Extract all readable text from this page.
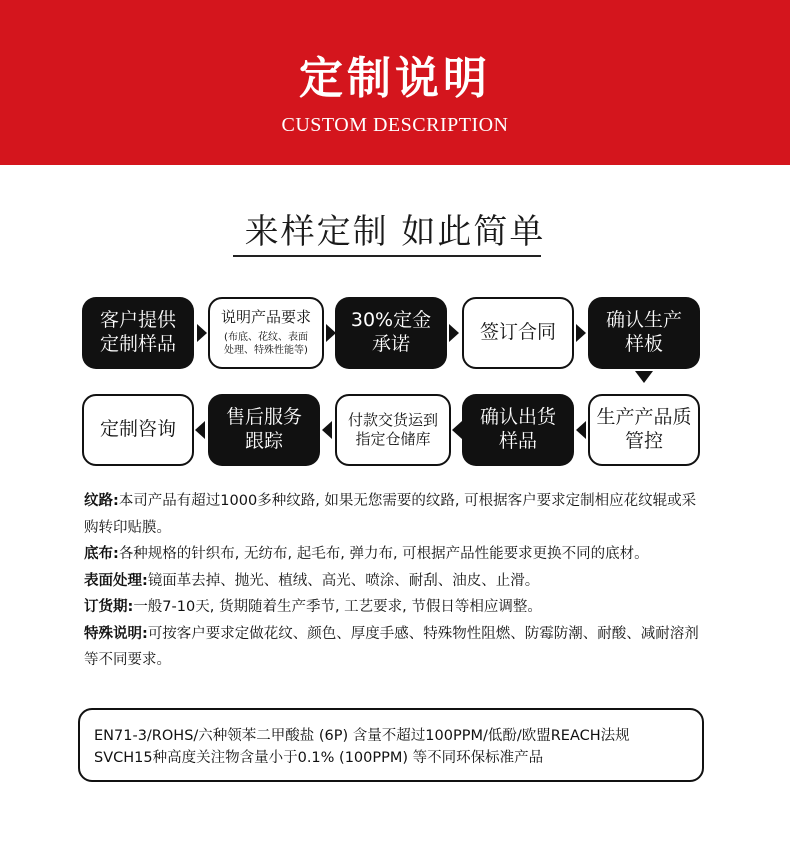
定制说明
CUSTOM DESCRIPTION
来样定制 如此简单
客户提供
定制样品
说明产品要求
(布底、花纹、表面
处理、特殊性能等)
30%定金
承诺
签订合同
确认生产
样板
定制咨询
售后服务
跟踪
付款交货运到
指定仓储库
确认出货
样品
生产产品质
管控

纹路:本司产品有超过1000多种纹路, 如果无您需要的纹路, 可根据客户要求定制相应花纹辊或采购转印贴膜。

底布:各种规格的针织布, 无纺布, 起毛布, 弹力布, 可根据产品性能要求更换不同的底材。

表面处理:镜面革去掉、抛光、植绒、高光、喷涂、耐刮、油皮、止滑。

订货期:一般7-10天, 货期随着生产季节, 工艺要求, 节假日等相应调整。

特殊说明:可按客户要求定做花纹、颜色、厚度手感、特殊物性阻燃、防霉防潮、耐酸、减耐溶剂等不同要求。

EN71-3/ROHS/六种领苯二甲酸盐 (6P) 含量不超过100PPM/低酚/欧盟REACH法规

SVCH15种高度关注物含量小于0.1% (100PPM) 等不同环保标准产品
